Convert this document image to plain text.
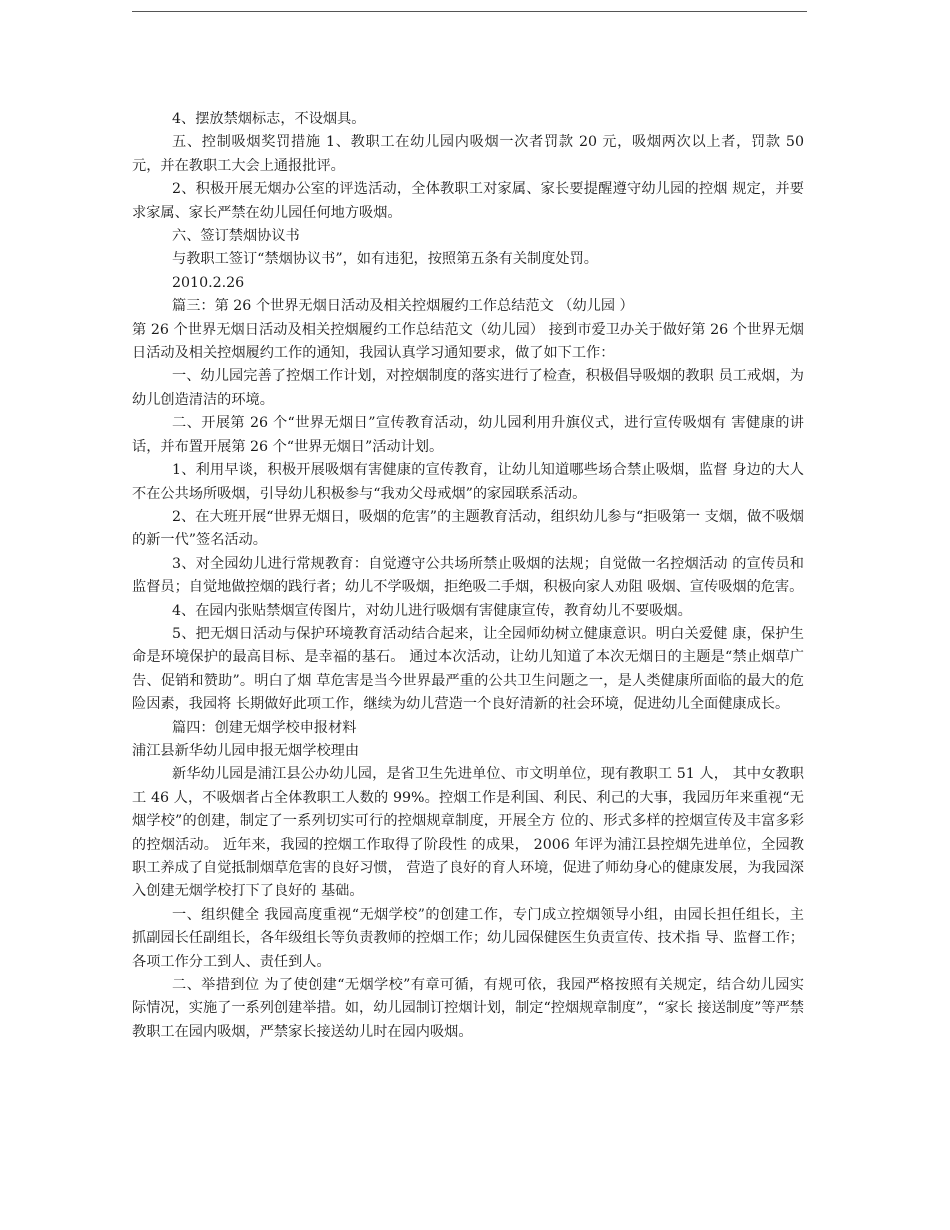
4、摆放禁烟标志，不设烟具。

五、控制吸烟奖罚措施 1、教职工在幼儿园内吸烟一次者罚款 20 元，吸烟两次以上者，罚款 50 元，并在教职工大会上通报批评。

2、积极开展无烟办公室的评选活动，全体教职工对家属、家长要提醒遵守幼儿园的控烟 规定，并要求家属、家长严禁在幼儿园任何地方吸烟。

六、签订禁烟协议书

与教职工签订“禁烟协议书”，如有违犯，按照第五条有关制度处罚。

2010.2.26

篇三：第 26 个世界无烟日活动及相关控烟履约工作总结范文 （幼儿园 ）

第 26 个世界无烟日活动及相关控烟履约工作总结范文（幼儿园） 接到市爱卫办关于做好第 26 个世界无烟日活动及相关控烟履约工作的通知，我园认真学习通知要求，做了如下工作：

一、幼儿园完善了控烟工作计划，对控烟制度的落实进行了检查，积极倡导吸烟的教职 员工戒烟，为幼儿创造清洁的环境。

二、开展第 26 个“世界无烟日”宣传教育活动，幼儿园利用升旗仪式，进行宣传吸烟有 害健康的讲话，并布置开展第 26 个“世界无烟日”活动计划。

1、利用早谈，积极开展吸烟有害健康的宣传教育，让幼儿知道哪些场合禁止吸烟，监督 身边的大人不在公共场所吸烟，引导幼儿积极参与“我劝父母戒烟”的家园联系活动。

2、在大班开展“世界无烟日，吸烟的危害”的主题教育活动，组织幼儿参与“拒吸第一 支烟，做不吸烟的新一代”签名活动。

3、对全园幼儿进行常规教育：自觉遵守公共场所禁止吸烟的法规；自觉做一名控烟活动 的宣传员和监督员；自觉地做控烟的践行者；幼儿不学吸烟，拒绝吸二手烟，积极向家人劝阻 吸烟、宣传吸烟的危害。

4、在园内张贴禁烟宣传图片，对幼儿进行吸烟有害健康宣传，教育幼儿不要吸烟。

5、把无烟日活动与保护环境教育活动结合起来，让全园师幼树立健康意识。明白关爱健 康，保护生命是环境保护的最高目标、是幸福的基石。 通过本次活动，让幼儿知道了本次无烟日的主题是“禁止烟草广告、促销和赞助”。明白了烟 草危害是当今世界最严重的公共卫生问题之一，是人类健康所面临的最大的危险因素，我园将 长期做好此项工作，继续为幼儿营造一个良好清新的社会环境，促进幼儿全面健康成长。

篇四：创建无烟学校申报材料

浦江县新华幼儿园申报无烟学校理由

新华幼儿园是浦江县公办幼儿园，是省卫生先进单位、市文明单位，现有教职工 51 人， 其中女教职工 46 人，不吸烟者占全体教职工人数的 99%。控烟工作是利国、利民、利己的大事，我园历年来重视“无烟学校”的创建，制定了一系列切实可行的控烟规章制度，开展全方 位的、形式多样的控烟宣传及丰富多彩的控烟活动。 近年来，我园的控烟工作取得了阶段性 的成果， 2006 年评为浦江县控烟先进单位，全园教职工养成了自觉抵制烟草危害的良好习惯， 营造了良好的育人环境，促进了师幼身心的健康发展，为我园深入创建无烟学校打下了良好的 基础。

一、组织健全 我园高度重视“无烟学校”的创建工作，专门成立控烟领导小组，由园长担任组长，主 抓副园长任副组长，各年级组长等负责教师的控烟工作；幼儿园保健医生负责宣传、技术指 导、监督工作；各项工作分工到人、责任到人。

二、举措到位 为了使创建“无烟学校”有章可循，有规可依，我园严格按照有关规定，结合幼儿园实 际情况，实施了一系列创建举措。如，幼儿园制订控烟计划，制定“控烟规章制度”，“家长 接送制度”等严禁教职工在园内吸烟，严禁家长接送幼儿时在园内吸烟。
